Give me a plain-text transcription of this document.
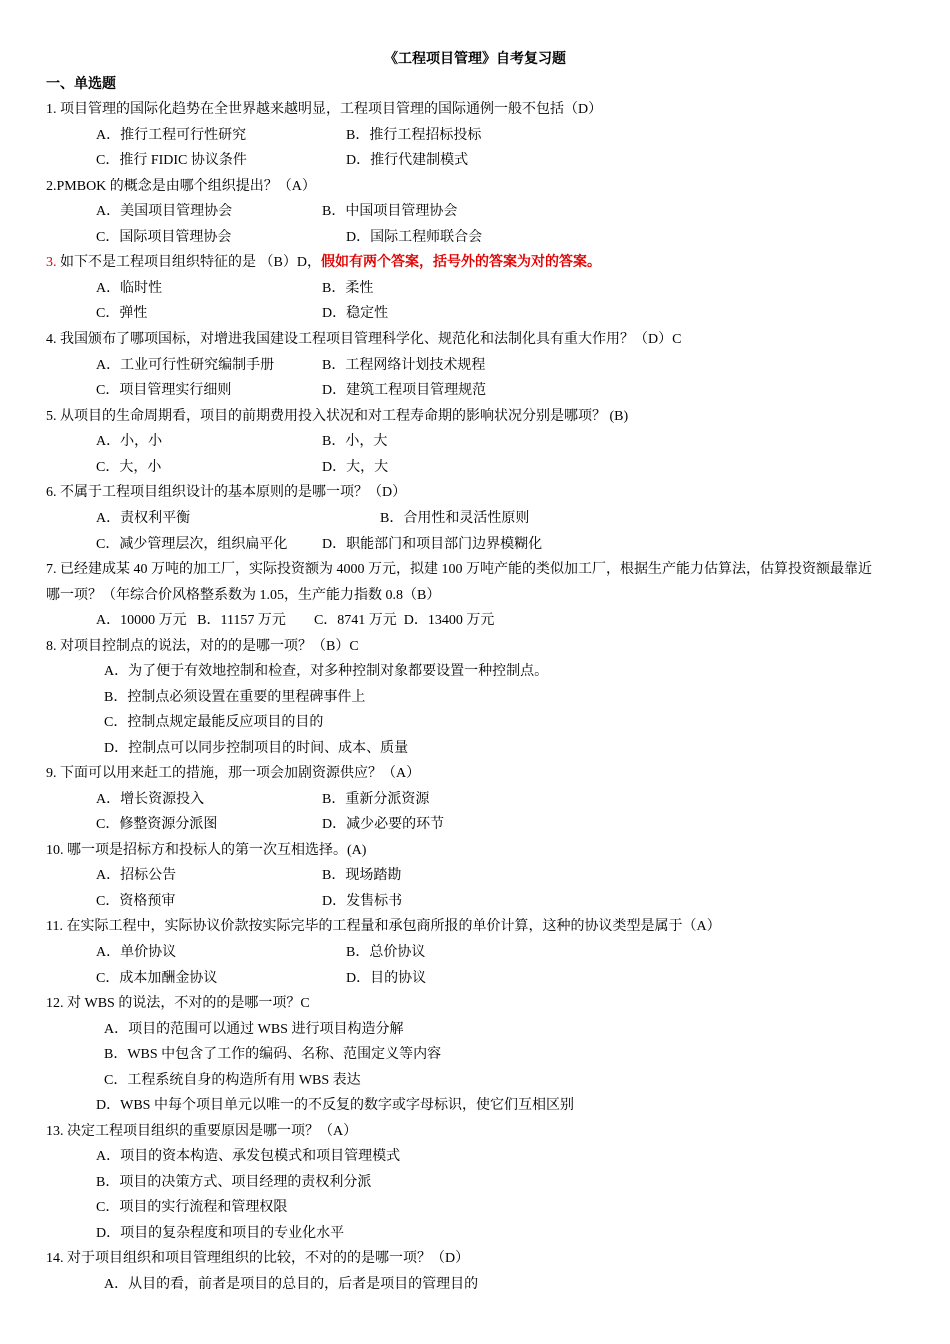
《工程项目管理》自考复习题
一、单选题
1. 项目管理的国际化趋势在全世界越来越明显，工程项目管理的国际通例一般不包括（D）
A．推行工程可行性研究	B．推行工程招标投标
C．推行 FIDIC 协议条件	D．推行代建制模式
2.PMBOK 的概念是由哪个组织提出？（A）
A．美国项目管理协会	B．中国项目管理协会
C．国际项目管理协会	D．国际工程师联合会
3. 如下不是工程项目组织特征的是 （B）D，假如有两个答案，括号外的答案为对的答案。
A．临时性	B．柔性
C．弹性	D．稳定性
4. 我国颁布了哪项国标，对增进我国建设工程项目管理科学化、规范化和法制化具有重大作用？（D）C
A．工业可行性研究编制手册	B．工程网络计划技术规程
C．项目管理实行细则	D．建筑工程项目管理规范
5. 从项目的生命周期看，项目的前期费用投入状况和对工程寿命期的影响状况分别是哪项？ (B)
A．小，小	B．小，大
C．大，小	D．大，大
6. 不属于工程项目组织设计的基本原则的是哪一项？（D）
A．责权利平衡	B．合用性和灵活性原则
C．减少管理层次，组织扁平化 D．职能部门和项目部门边界模糊化
7. 已经建成某 40 万吨的加工厂，实际投资额为 4000 万元，拟建 100 万吨产能的类似加工厂，根据生产能力估算法，估算投资额最靠近
哪一项？（年综合价风格整系数为 1.05，生产能力指数 0.8（B）
A．10000 万元 B．11157 万元 C．8741 万元 D．13400 万元
8. 对项目控制点的说法，对的的是哪一项？（B）C
A．为了便于有效地控制和检查，对多种控制对象都要设置一种控制点。
B．控制点必须设置在重要的里程碑事件上
C．控制点规定最能反应项目的目的
D．控制点可以同步控制项目的时间、成本、质量
9. 下面可以用来赶工的措施，那一项会加剧资源供应？（A）
A．增长资源投入	B．重新分派资源
C．修整资源分派图	D．减少必要的环节
10. 哪一项是招标方和投标人的第一次互相选择。(A)
A．招标公告	B．现场踏勘
C．资格预审	D．发售标书
11. 在实际工程中，实际协议价款按实际完毕的工程量和承包商所报的单价计算，这种的协议类型是属于（A）
A．单价协议	B．总价协议
C．成本加酬金协议	D．目的协议
12. 对 WBS 的说法，不对的的是哪一项？C
A．项目的范围可以通过 WBS 进行项目构造分解
B．WBS 中包含了工作的编码、名称、范围定义等内容
C．工程系统自身的构造所有用 WBS 表达
D．WBS 中每个项目单元以唯一的不反复的数字或字母标识，使它们互相区别
13. 决定工程项目组织的重要原因是哪一项？（A）
A．项目的资本构造、承发包模式和项目管理模式
B．项目的决策方式、项目经理的责权利分派
C．项目的实行流程和管理权限
D．项目的复杂程度和项目的专业化水平
14. 对于项目组织和项目管理组织的比较，不对的的是哪一项？（D）
A．从目的看，前者是项目的总目的，后者是项目的管理目的
